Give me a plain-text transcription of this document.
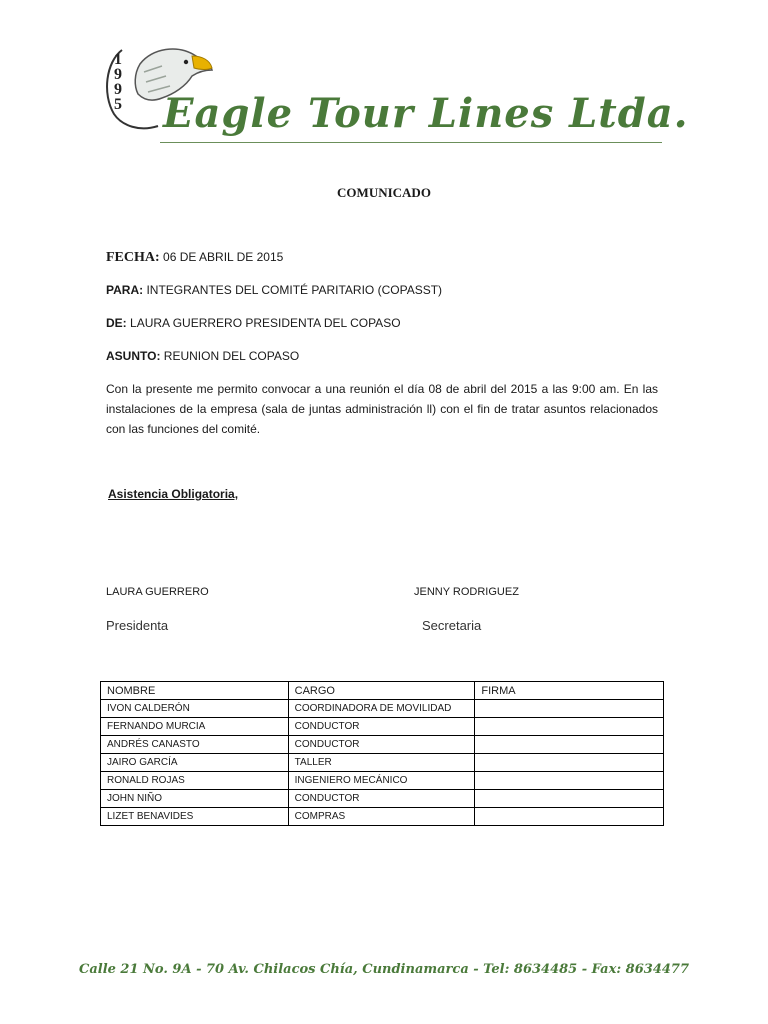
1
9
9
5 Eagle Tour Lines Ltda.
COMUNICADO
FECHA: 06 DE ABRIL DE 2015
PARA: INTEGRANTES DEL COMITÉ PARITARIO (COPASST)
DE: LAURA GUERRERO PRESIDENTA DEL COPASO
ASUNTO: REUNION DEL COPASO
Con la presente me permito convocar a una reunión el día 08 de abril del 2015 a las 9:00 am. En las instalaciones de la empresa (sala de juntas administración ll) con el fin de tratar asuntos relacionados con las funciones del comité.
Asistencia Obligatoria,
LAURA GUERRERO
Presidenta
JENNY RODRIGUEZ
Secretaria
NOMBRE	CARGO	FIRMA
IVON CALDERÓN	COORDINADORA DE MOVILIDAD	
FERNANDO MURCIA	CONDUCTOR	
ANDRÉS CANASTO	CONDUCTOR	
JAIRO GARCÍA	TALLER	
RONALD ROJAS	INGENIERO MECÁNICO	
JOHN NIÑO	CONDUCTOR	
LIZET BENAVIDES	COMPRAS	
Calle 21 No. 9A - 70 Av. Chilacos Chía, Cundinamarca - Tel: 8634485 - Fax: 8634477
